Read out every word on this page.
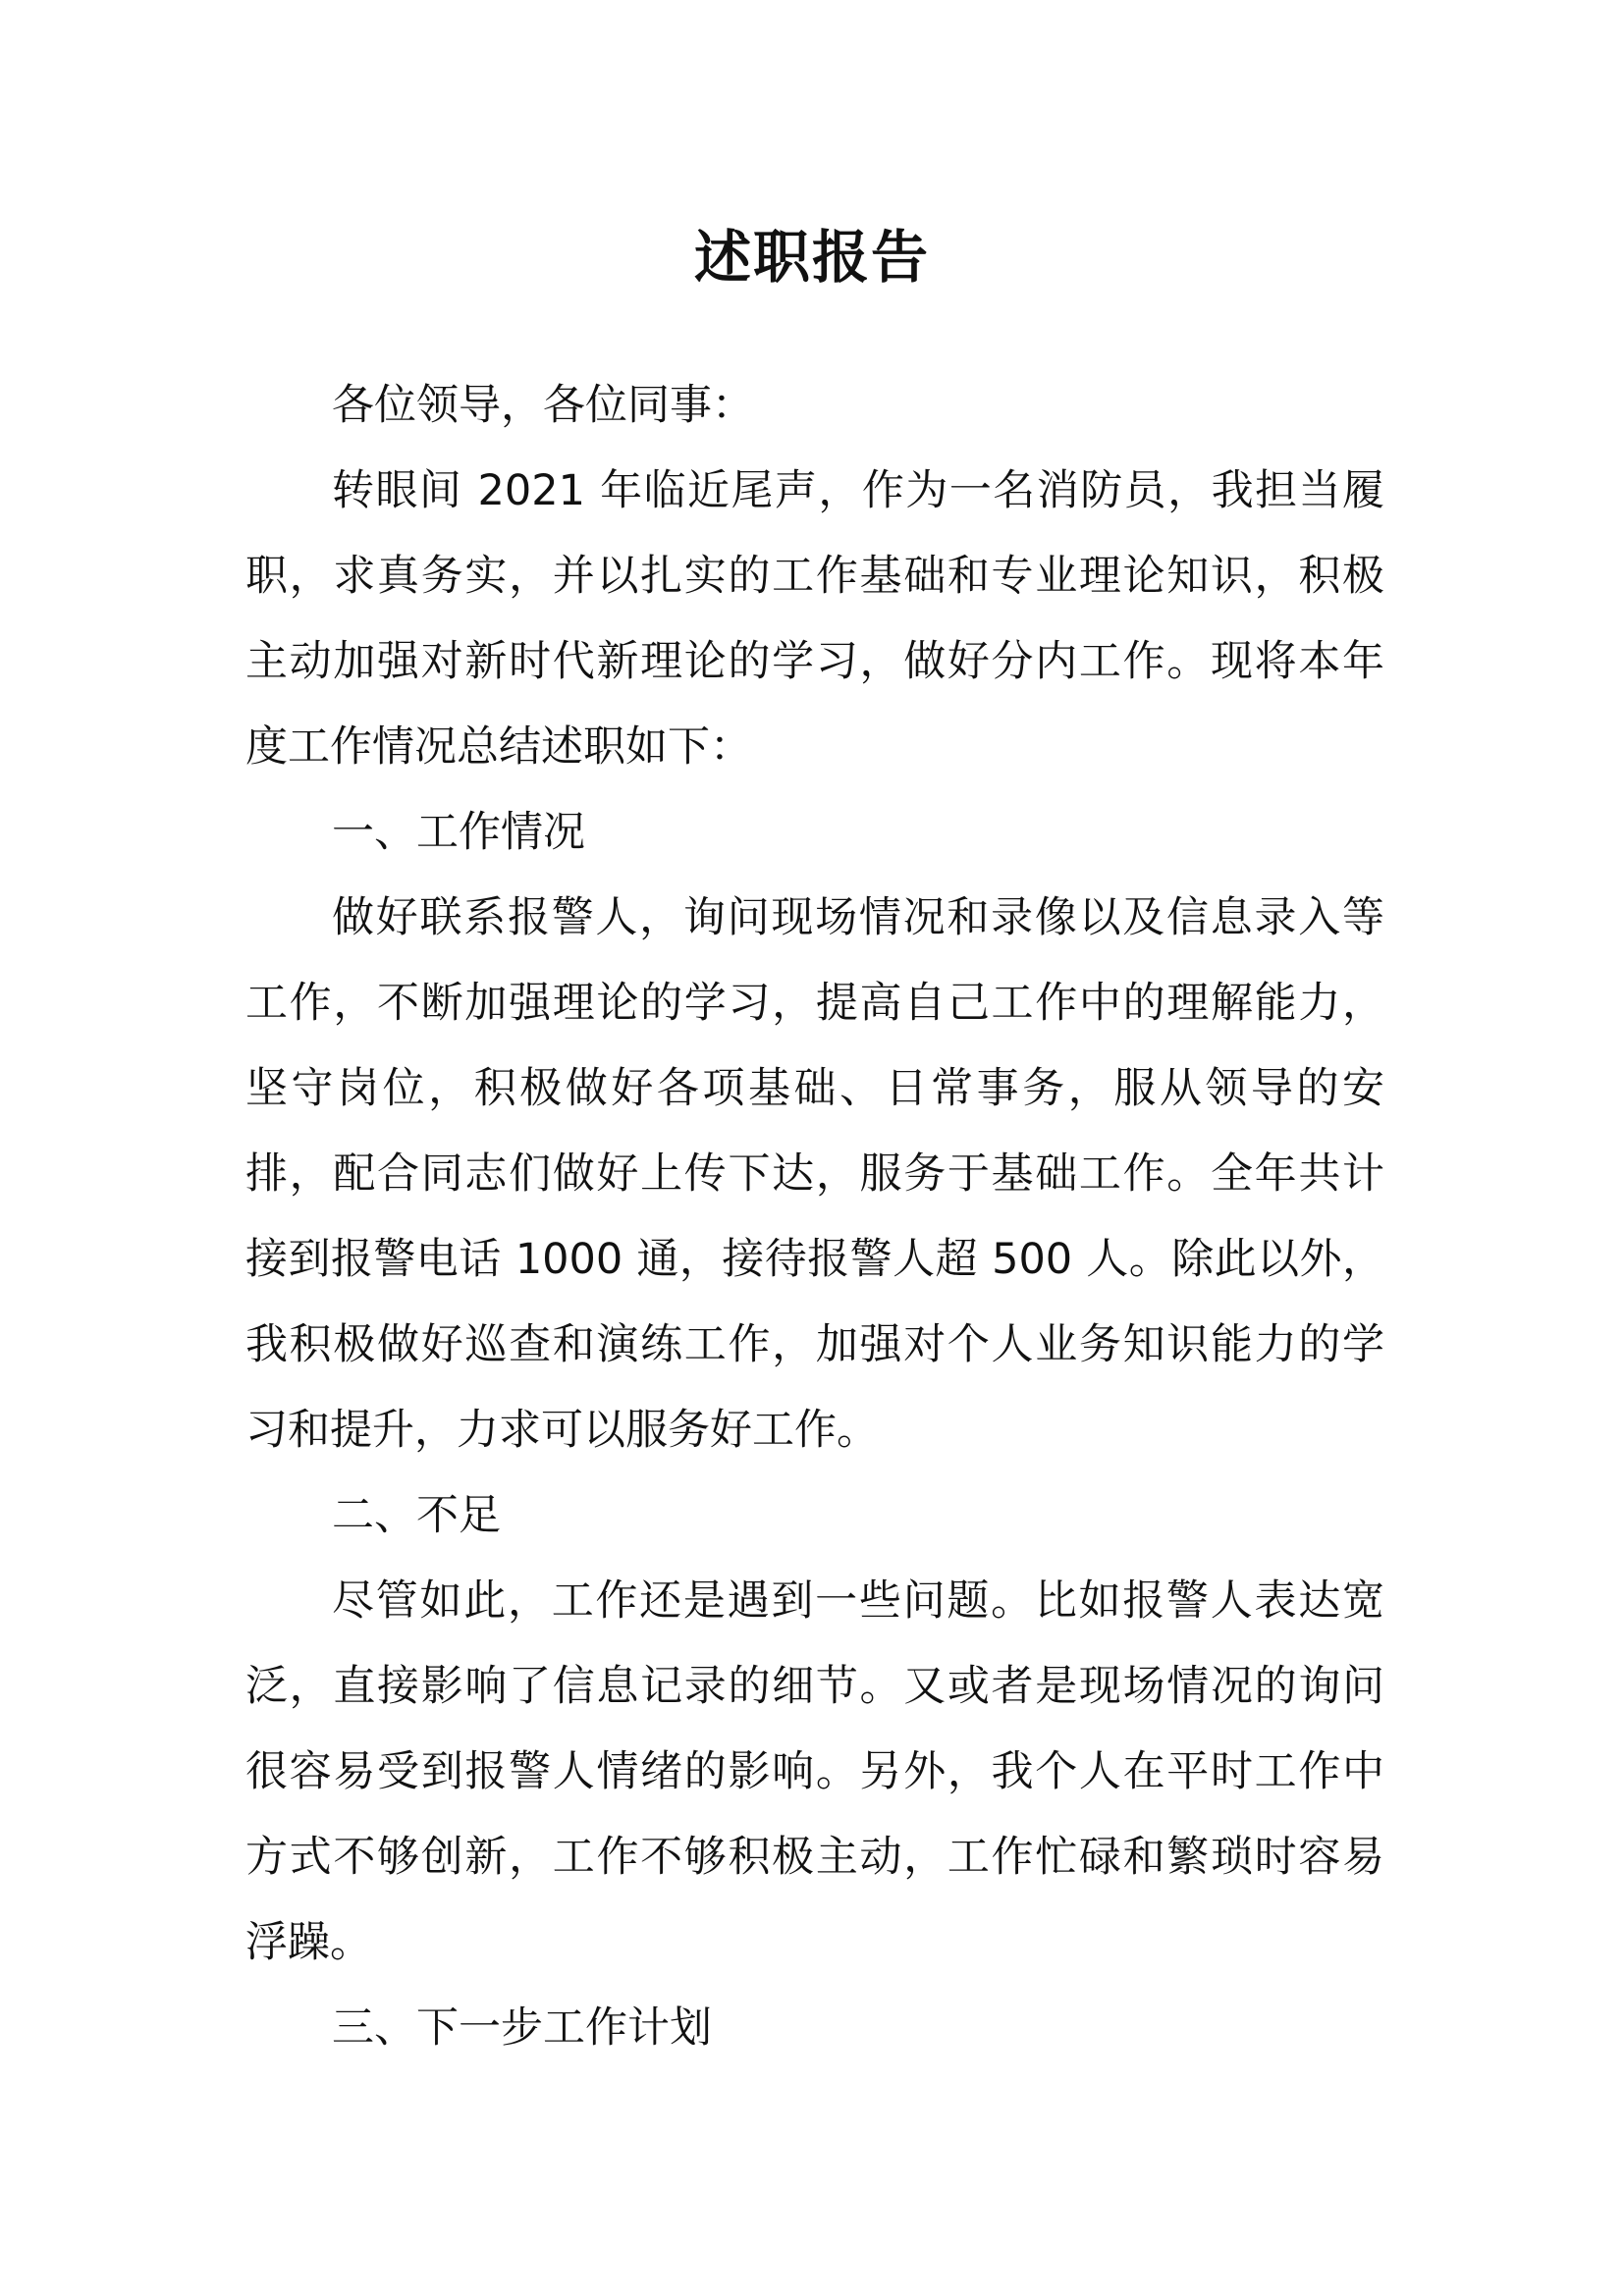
述职报告

各位领导，各位同事：

转眼间 2021 年临近尾声，作为一名消防员，我担当履职，求真务实，并以扎实的工作基础和专业理论知识，积极主动加强对新时代新理论的学习，做好分内工作。现将本年度工作情况总结述职如下：

一、工作情况

做好联系报警人，询问现场情况和录像以及信息录入等工作，不断加强理论的学习，提高自己工作中的理解能力，坚守岗位，积极做好各项基础、日常事务，服从领导的安排，配合同志们做好上传下达，服务于基础工作。全年共计接到报警电话 1000 通，接待报警人超 500 人。除此以外，我积极做好巡查和演练工作，加强对个人业务知识能力的学习和提升，力求可以服务好工作。

二、不足

尽管如此，工作还是遇到一些问题。比如报警人表达宽泛，直接影响了信息记录的细节。又或者是现场情况的询问很容易受到报警人情绪的影响。另外，我个人在平时工作中方式不够创新，工作不够积极主动，工作忙碌和繁琐时容易浮躁。

三、下一步工作计划
